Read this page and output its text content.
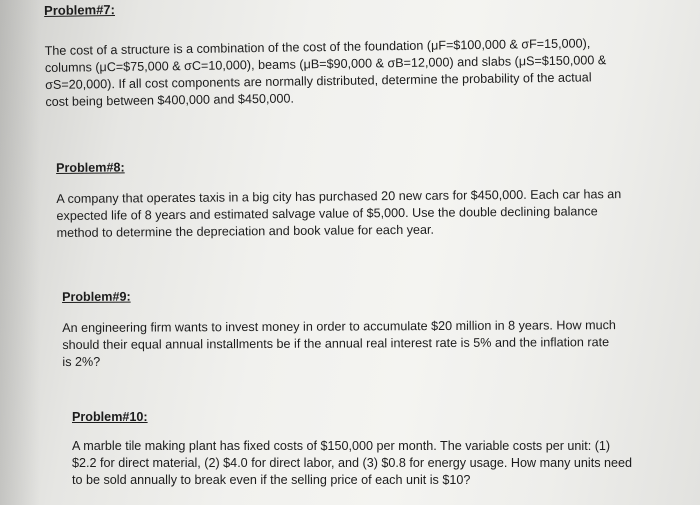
Problem#7:

The cost of a structure is a combination of the cost of the foundation (μF=$100,000 & σF=15,000),
columns (μC=$75,000 & σC=10,000), beams (μB=$90,000 & σB=12,000) and slabs (μS=$150,000 &
σS=20,000). If all cost components are normally distributed, determine the probability of the actual
cost being between $400,000 and $450,000.

Problem#8:

A company that operates taxis in a big city has purchased 20 new cars for $450,000. Each car has an
expected life of 8 years and estimated salvage value of $5,000. Use the double declining balance
method to determine the depreciation and book value for each year.

Problem#9:

An engineering firm wants to invest money in order to accumulate $20 million in 8 years. How much
should their equal annual installments be if the annual real interest rate is 5% and the inflation rate
is 2%?

Problem#10:

A marble tile making plant has fixed costs of $150,000 per month. The variable costs per unit: (1)
$2.2 for direct material, (2) $4.0 for direct labor, and (3) $0.8 for energy usage. How many units need
to be sold annually to break even if the selling price of each unit is $10?
